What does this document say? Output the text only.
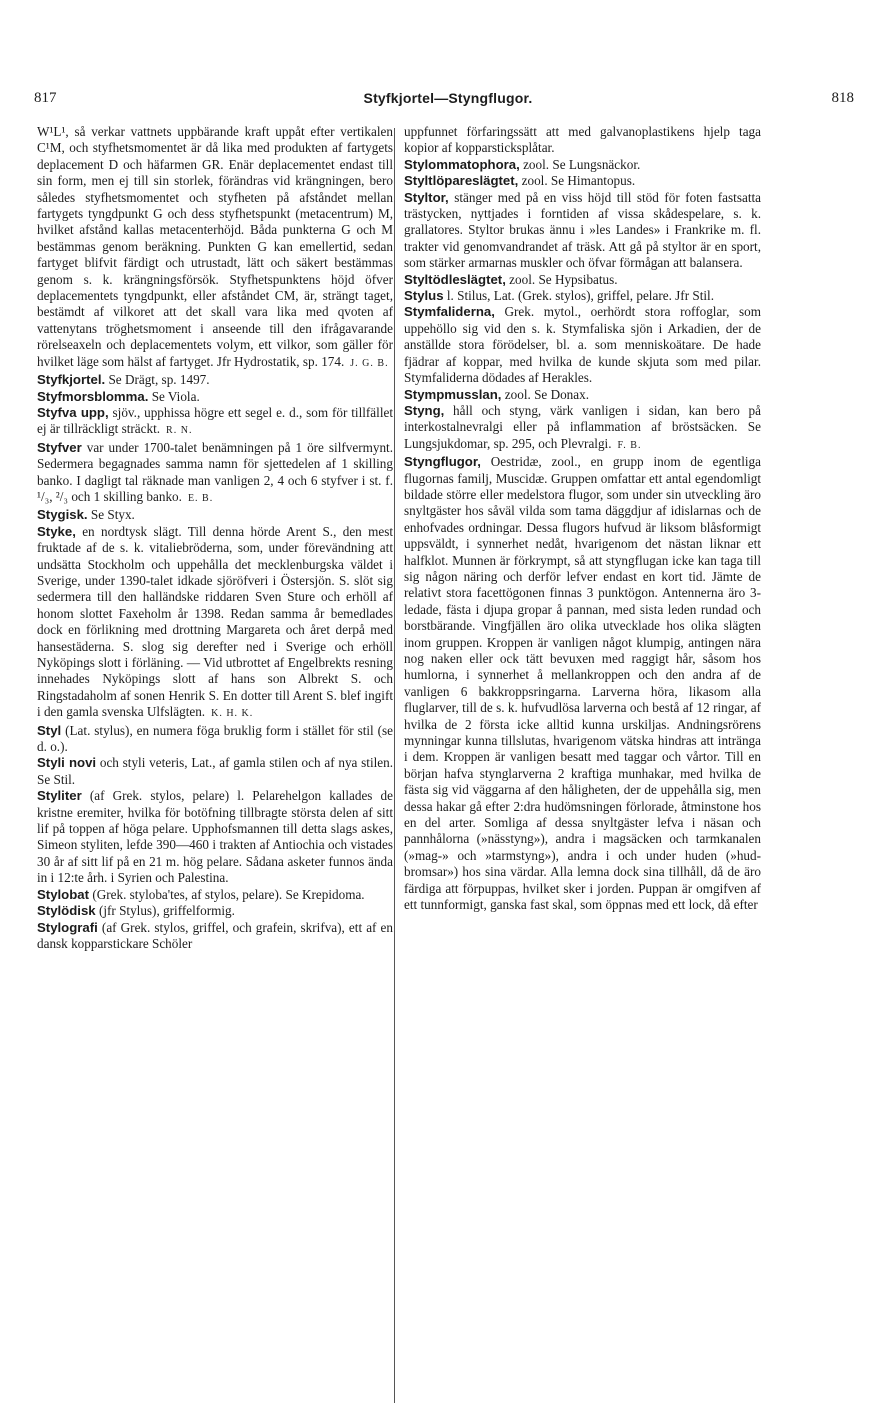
817	Styfkjortel—Styngflugor.	818

W¹L¹, så verkar vattnets uppbärande kraft uppåt efter vertikalen C¹M, och styfhetsmomentet är då lika med produkten af fartygets deplacement D och häfarmen GR. Enär deplacementet endast till sin form, men ej till sin storlek, förändras vid krängningen, bero således styfhetsmomentet och styfheten på afståndet mellan fartygets tyngdpunkt G och dess styfhetspunkt (metacentrum) M, hvilket afstånd kallas metacenterhöjd. Båda punkterna G och M bestämmas genom beräkning. Punkten G kan emellertid, sedan fartyget blifvit färdigt och utrustadt, lätt och säkert bestämmas genom s. k. krängningsförsök. Styfhetspunktens höjd öfver deplacementets tyngdpunkt, eller afståndet CM, är, strängt taget, bestämdt af vilkoret att det skall vara lika med qvoten af vattenytans tröghetsmoment i anseende till den ifrågavarande rörelseaxeln och deplacementets volym, ett vilkor, som gäller för hvilket läge som hälst af fartyget. Jfr Hydrostatik, sp. 174. J. G. B.

Styfkjortel. Se Drägt, sp. 1497.

Styfmorsblomma. Se Viola.

Styfva upp, sjöv., upphissa högre ett segel e. d., som för tillfället ej är tillräckligt sträckt. R. N.

Styfver var under 1700-talet benämningen på 1 öre silfvermynt. Sedermera begagnades samma namn för sjettedelen af 1 skilling banko. I dagligt tal räknade man vanligen 2, 4 och 6 styfver i st. f. ¹/₃, ²/₃ och 1 skilling banko. E. B.

Stygisk. Se Styx.

Styke, en nordtysk slägt. Till denna hörde Arent S., den mest fruktade af de s. k. vitaliebröderna, som, under förevändning att undsätta Stockholm och uppehålla det mecklenburgska väldet i Sverige, under 1390-talet idkade sjöröfveri i Östersjön. S. slöt sig sedermera till den halländske riddaren Sven Sture och erhöll af honom slottet Faxeholm år 1398. Redan samma år bemedlades dock en förlikning med drottning Margareta och året derpå med hansestäderna. S. slog sig derefter ned i Sverige och erhöll Nyköpings slott i förläning. — Vid utbrottet af Engelbrekts resning innehades Nyköpings slott af hans son Albrekt S. och Ringstadaholm af sonen Henrik S. En dotter till Arent S. blef ingift i den gamla svenska Ulfslägten. K. H. K.

Styl (Lat. stylus), en numera föga bruklig form i stället för stil (se d. o.).

Styli novi och styli veteris, Lat., af gamla stilen och af nya stilen. Se Stil.

Styliter (af Grek. stylos, pelare) l. Pelarehelgon kallades de kristne eremiter, hvilka för botöfning tillbragte största delen af sitt lif på toppen af höga pelare. Upphofsmannen till detta slags askes, Simeon styliten, lefde 390—460 i trakten af Antiochia och vistades 30 år af sitt lif på en 21 m. hög pelare. Sådana asketer funnos ända in i 12:te årh. i Syrien och Palestina.

Stylobat (Grek. styloba'tes, af stylos, pelare). Se Krepidoma.

Stylödisk (jfr Stylus), griffelformig.

Stylografi (af Grek. stylos, griffel, och grafein, skrifva), ett af en dansk kopparstickare Schöler

uppfunnet förfaringssätt att med galvanoplastikens hjelp taga kopior af kopparsticksplåtar.

Stylommatophora, zool. Se Lungsnäckor.

Styltlöpareslägtet, zool. Se Himantopus.

Styltor, stänger med på en viss höjd till stöd för foten fastsatta trästycken, nyttjades i forntiden af vissa skådespelare, s. k. grallatores. Styltor brukas ännu i »les Landes» i Frankrike m. fl. trakter vid genomvandrandet af träsk. Att gå på styltor är en sport, som stärker armarnas muskler och öfvar förmågan att balansera.

Styltödleslägtet, zool. Se Hypsibatus.

Stylus l. Stilus, Lat. (Grek. stylos), griffel, pelare. Jfr Stil.

Stymfaliderna, Grek. mytol., oerhördt stora roffoglar, som uppehöllo sig vid den s. k. Stymfaliska sjön i Arkadien, der de anställde stora förödelser, bl. a. som menniskoätare. De hade fjädrar af koppar, med hvilka de kunde skjuta som med pilar. Stymfaliderna dödades af Herakles.

Stympmusslan, zool. Se Donax.

Styng, håll och styng, värk vanligen i sidan, kan bero på interkostalnevralgi eller på inflammation af bröstsäcken. Se Lungsjukdomar, sp. 295, och Plevralgi. F. B.

Styngflugor, Oestridæ, zool., en grupp inom de egentliga flugornas familj, Muscidæ. Gruppen omfattar ett antal egendomligt bildade större eller medelstora flugor, som under sin utveckling äro snyltgäster hos såväl vilda som tama däggdjur af idislarnas och de enhofvades ordningar. Dessa flugors hufvud är liksom blåsformigt uppsväldt, i synnerhet nedåt, hvarigenom det nästan liknar ett halfklot. Munnen är förkrympt, så att styngflugan icke kan taga till sig någon näring och derför lefver endast en kort tid. Jämte de relativt stora facettögonen finnas 3 punktögon. Antennerna äro 3-ledade, fästa i djupa gropar å pannan, med sista leden rundad och borstbärande. Vingfjällen äro olika utvecklade hos olika slägten inom gruppen. Kroppen är vanligen något klumpig, antingen nära nog naken eller ock tätt bevuxen med raggigt hår, såsom hos humlorna, i synnerhet å mellankroppen och den andra af de vanligen 6 bakkroppsringarna. Larverna höra, likasom alla fluglarver, till de s. k. hufvudlösa larverna och bestå af 12 ringar, af hvilka de 2 första icke alltid kunna urskiljas. Andningsrörens mynningar kunna tillslutas, hvarigenom vätska hindras att inträngа i dem. Kroppen är vanligen besatt med taggar och vårtor. Till en början hafva stynglarverna 2 kraftiga munhakar, med hvilka de fästa sig vid väggarna af den håligheten, der de uppehålla sig, men dessa hakar gå efter 2:dra hudömsningen förlorade, åtminstone hos en del arter. Somliga af dessa snyltgäster lefva i näsan och pannhålorna (»nässtyng»), andra i magsäcken och tarmkanalen (»mag-» och »tarmstyng»), andra i och under huden (»hud-bromsar») hos sina värdar. Alla lemna dock sina tillhåll, då de äro färdiga att förpuppas, hvilket sker i jorden. Puppan är omgifven af ett tunnformigt, ganska fast skal, som öppnas med ett lock, då efter
